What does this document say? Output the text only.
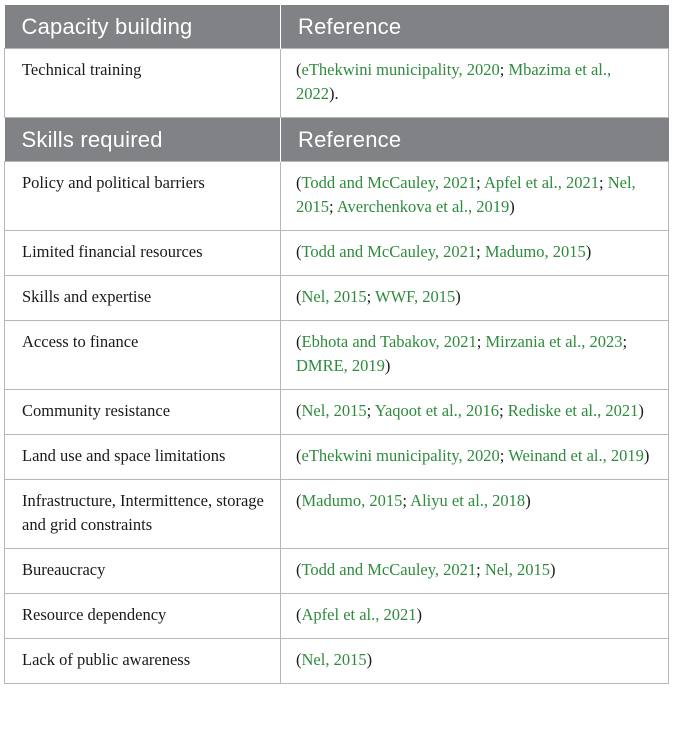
Capacity building	Reference
Technical training	(eThekwini municipality, 2020; Mbazima et al., 2022).
Skills required	Reference
Policy and political barriers	(Todd and McCauley, 2021; Apfel et al., 2021; Nel, 2015; Averchenkova et al., 2019)
Limited financial resources	(Todd and McCauley, 2021; Madumo, 2015)
Skills and expertise	(Nel, 2015; WWF, 2015)
Access to finance	(Ebhota and Tabakov, 2021; Mirzania et al., 2023; DMRE, 2019)
Community resistance	(Nel, 2015; Yaqoot et al., 2016; Rediske et al., 2021)
Land use and space limitations	(eThekwini municipality, 2020; Weinand et al., 2019)
Infrastructure, Intermittence, storage and grid constraints	(Madumo, 2015; Aliyu et al., 2018)
Bureaucracy	(Todd and McCauley, 2021; Nel, 2015)
Resource dependency	(Apfel et al., 2021)
Lack of public awareness	(Nel, 2015)
